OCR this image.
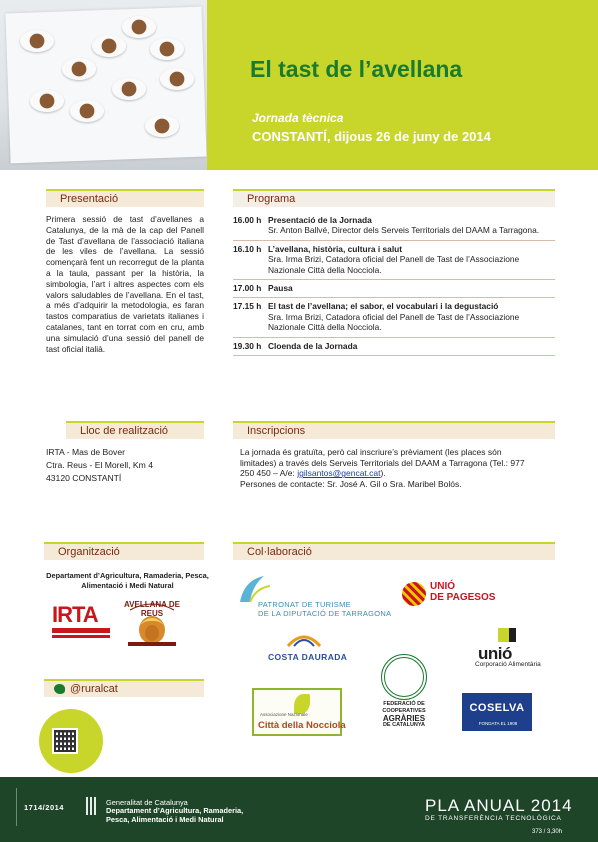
El tast de l’avellana
Jornada tècnica
CONSTANTÍ, dijous 26 de juny de 2014
Presentació
Primera sessió de tast d’avellanes a Catalunya, de la mà de la cap del Panell de Tast d’avellana de l’associació italiana de les viles de l’avellana. La sessió començarà fent un recorregut de la planta a la taula, passant per la història, la simbologia, l’art i altres aspectes com els valors saludables de l’avellana. En el tast, a més d’adquirir la metodologia, es faran tastos comparatius de varietats italianes i catalanes, tant en torrat com en cru, amb una simulació d’una sessió del panell de tast oficial italià.
Programa
16.00 h Presentació de la Jornada
Sr. Anton Ballvé, Director dels Serveis Territorials del DAAM a Tarragona.
16.10 h L’avellana, història, cultura i salut
Sra. Irma Brizi, Catadora oficial del Panell de Tast de l’Associazione Nazionale Città della Nocciola.
17.00 h Pausa
17.15 h El tast de l’avellana; el sabor, el vocabulari i la degustació
Sra. Irma Brizi, Catadora oficial del Panell de Tast de l’Associazione Nazionale Città della Nocciola.
19.30 h Cloenda de la Jornada
Lloc de realització
IRTA - Mas de Bover
Ctra. Reus - El Morell, Km 4
43120 CONSTANTÍ
Inscripcions
La jornada és gratuïta, però cal inscriure’s prèviament (les places són limitades) a través dels Serveis Territorials del DAAM a Tarragona (Tel.: 977 250 450 – A/e: jgilsantos@gencat.cat).
Persones de contacte: Sr. José A. Gil o Sra. Maribel Bolós.
Organització
Departament d’Agricultura, Ramaderia, Pesca, Alimentació i Medi Natural
IRTA	AVELLANA DE REUS
Col·laboració
PATRONAT DE TURISME
DE LA DIPUTACIÓ DE TARRAGONA
COSTA DAURADA
UNIÓ
DE PAGESOS
unió
Corporació Alimentària
FEDERACIÓ DE
COOPERATIVES
AGRÀRIES
DE CATALUNYA
COSELVA
FONDATA EL 1908
Associazione Nazionale
Città della Nocciola
@ruralcat
1714/2014
Generalitat de Catalunya
Departament d’Agricultura, Ramaderia,
Pesca, Alimentació i Medi Natural
PLA ANUAL 2014
DE TRANSFERÈNCIA TECNOLÒGICA
373 / 3,30h
